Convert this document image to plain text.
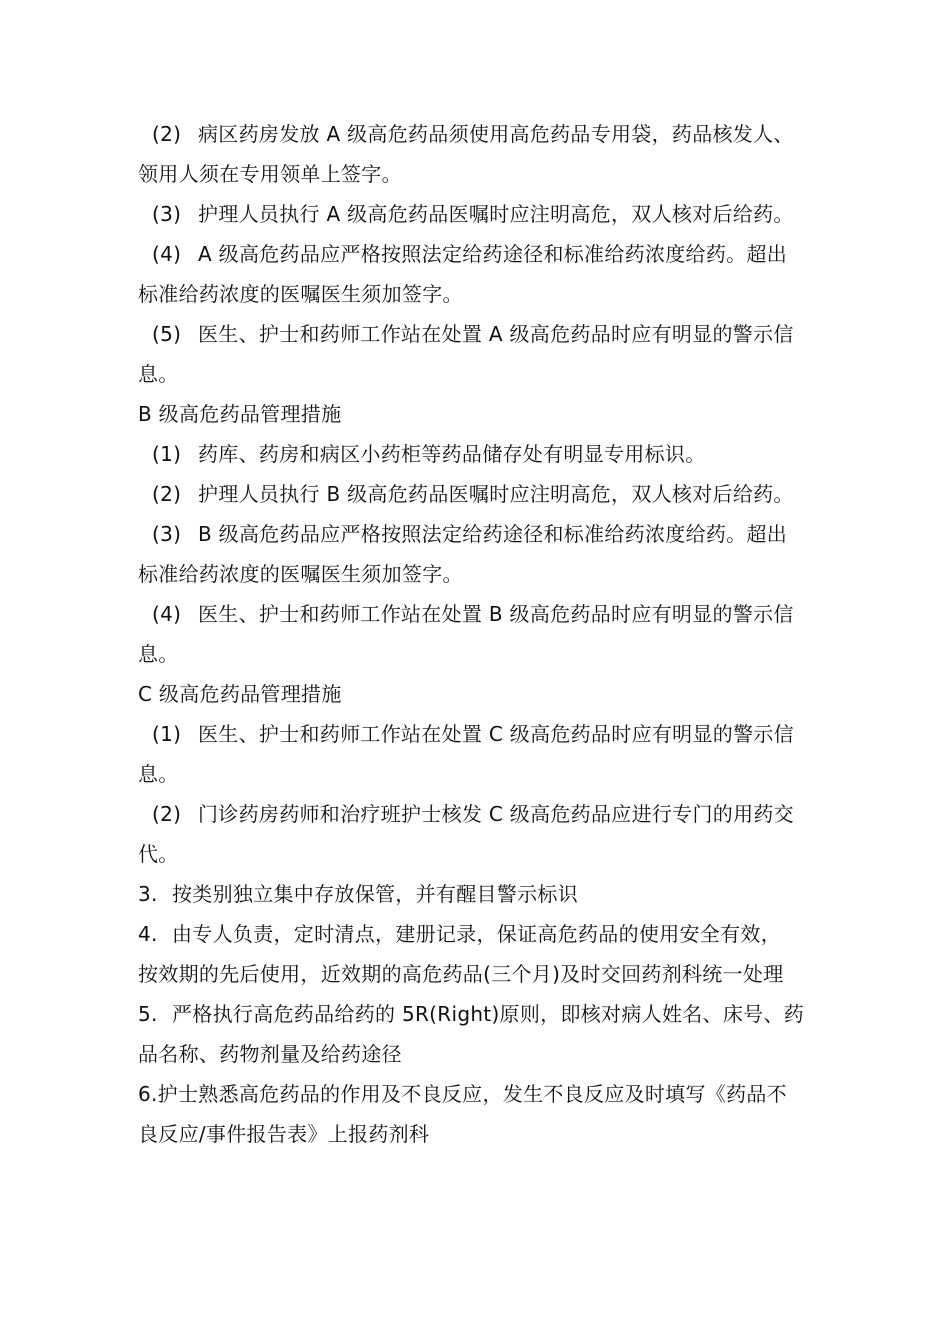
(2) 病区药房发放 A 级高危药品须使用高危药品专用袋，药品核发人、
领用人须在专用领单上签字。
(3) 护理人员执行 A 级高危药品医嘱时应注明高危，双人核对后给药。
(4) A 级高危药品应严格按照法定给药途径和标准给药浓度给药。超出
标准给药浓度的医嘱医生须加签字。
(5) 医生、护士和药师工作站在处置 A 级高危药品时应有明显的警示信
息。
B 级高危药品管理措施
(1) 药库、药房和病区小药柜等药品储存处有明显专用标识。
(2) 护理人员执行 B 级高危药品医嘱时应注明高危，双人核对后给药。
(3) B 级高危药品应严格按照法定给药途径和标准给药浓度给药。超出
标准给药浓度的医嘱医生须加签字。
(4) 医生、护士和药师工作站在处置 B 级高危药品时应有明显的警示信
息。
C 级高危药品管理措施
(1) 医生、护士和药师工作站在处置 C 级高危药品时应有明显的警示信
息。
(2) 门诊药房药师和治疗班护士核发 C 级高危药品应进行专门的用药交
代。
3. 按类别独立集中存放保管，并有醒目警示标识
4. 由专人负责，定时清点，建册记录，保证高危药品的使用安全有效，
按效期的先后使用，近效期的高危药品(三个月)及时交回药剂科统一处理
5. 严格执行高危药品给药的 5R(Right)原则，即核对病人姓名、床号、药
品名称、药物剂量及给药途径
6.护士熟悉高危药品的作用及不良反应，发生不良反应及时填写《药品不
良反应/事件报告表》上报药剂科
